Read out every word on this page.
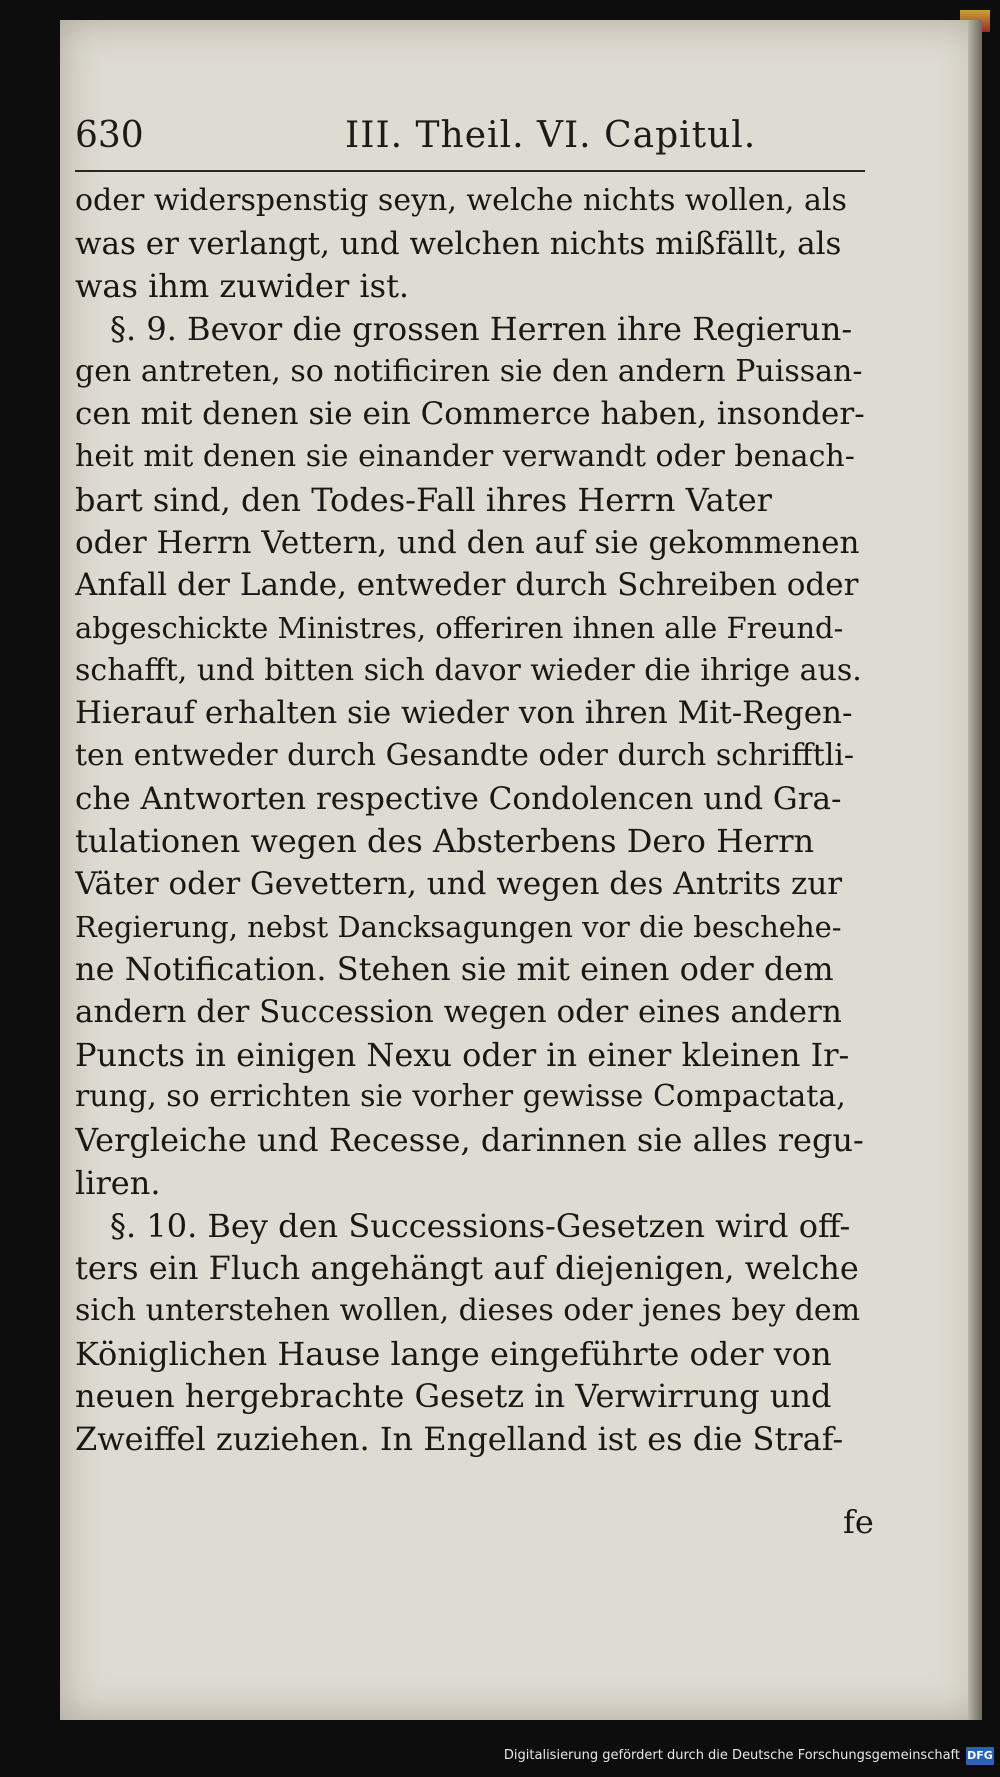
630	III. Theil. VI. Capitul.
oder widerspenstig seyn, welche nichts wollen, als
was er verlangt, und welchen nichts mißfällt, als
was ihm zuwider ist.
§. 9. Bevor die grossen Herren ihre Regierun-
gen antreten, so notificiren sie den andern Puissan-
cen mit denen sie ein Commerce haben, insonder-
heit mit denen sie einander verwandt oder benach-
bart sind, den Todes-Fall ihres Herrn Vater
oder Herrn Vettern, und den auf sie gekommenen
Anfall der Lande, entweder durch Schreiben oder
abgeschickte Ministres, offeriren ihnen alle Freund-
schafft, und bitten sich davor wieder die ihrige aus.
Hierauf erhalten sie wieder von ihren Mit-Regen-
ten entweder durch Gesandte oder durch schrifftli-
che Antworten respective Condolencen und Gra-
tulationen wegen des Absterbens Dero Herrn
Väter oder Gevettern, und wegen des Antrits zur
Regierung, nebst Dancksagungen vor die beschehe-
ne Notification. Stehen sie mit einen oder dem
andern der Succession wegen oder eines andern
Puncts in einigen Nexu oder in einer kleinen Ir-
rung, so errichten sie vorher gewisse Compactata,
Vergleiche und Recesse, darinnen sie alles regu-
liren.
§. 10. Bey den Successions-Gesetzen wird off-
ters ein Fluch angehängt auf diejenigen, welche
sich unterstehen wollen, dieses oder jenes bey dem
Königlichen Hause lange eingeführte oder von
neuen hergebrachte Gesetz in Verwirrung und
Zweiffel zuziehen. In Engelland ist es die Straf-
fe
Digitalisierung gefördert durch die Deutsche Forschungsgemeinschaft DFG
